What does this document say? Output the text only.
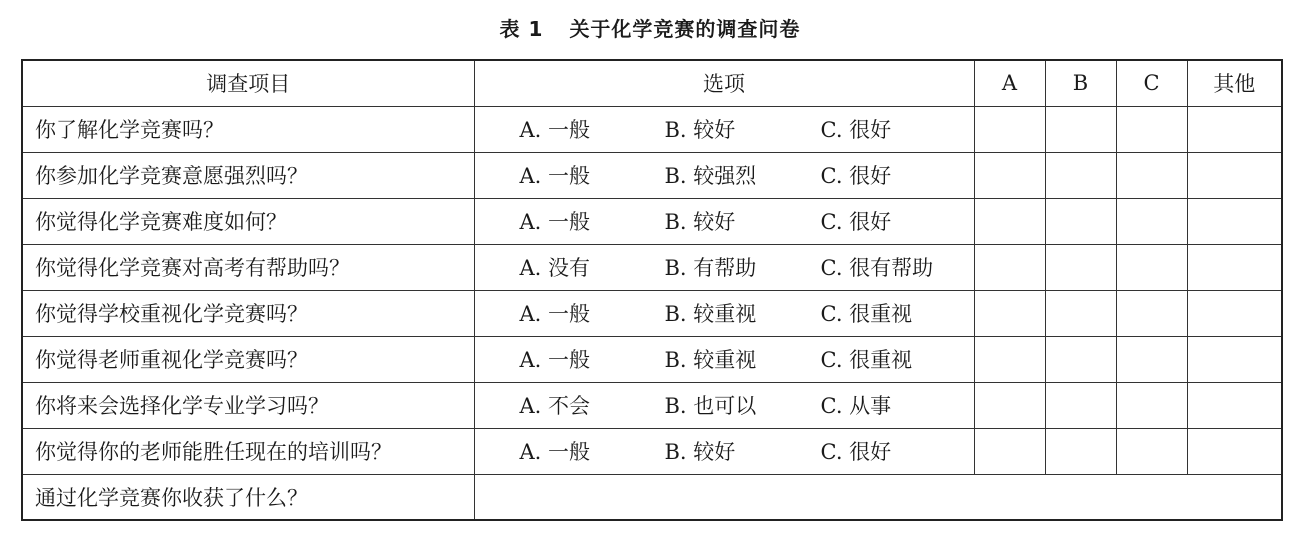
表 1 关于化学竞赛的调查问卷
调查项目	选项	A	B	C	其他
你了解化学竞赛吗？	A. 一般 B. 较好 C. 很好				

你参加化学竞赛意愿强烈吗？	A. 一般 B. 较强烈 C. 很好				

你觉得化学竞赛难度如何？	A. 一般 B. 较好 C. 很好				

你觉得化学竞赛对高考有帮助吗？	A. 没有 B. 有帮助 C. 很有帮助				

你觉得学校重视化学竞赛吗？	A. 一般 B. 较重视 C. 很重视				

你觉得老师重视化学竞赛吗？	A. 一般 B. 较重视 C. 很重视				

你将来会选择化学专业学习吗？	A. 不会 B. 也可以 C. 从事				

你觉得你的老师能胜任现在的培训吗？	A. 一般 B. 较好 C. 很好				

通过化学竞赛你收获了什么？					
